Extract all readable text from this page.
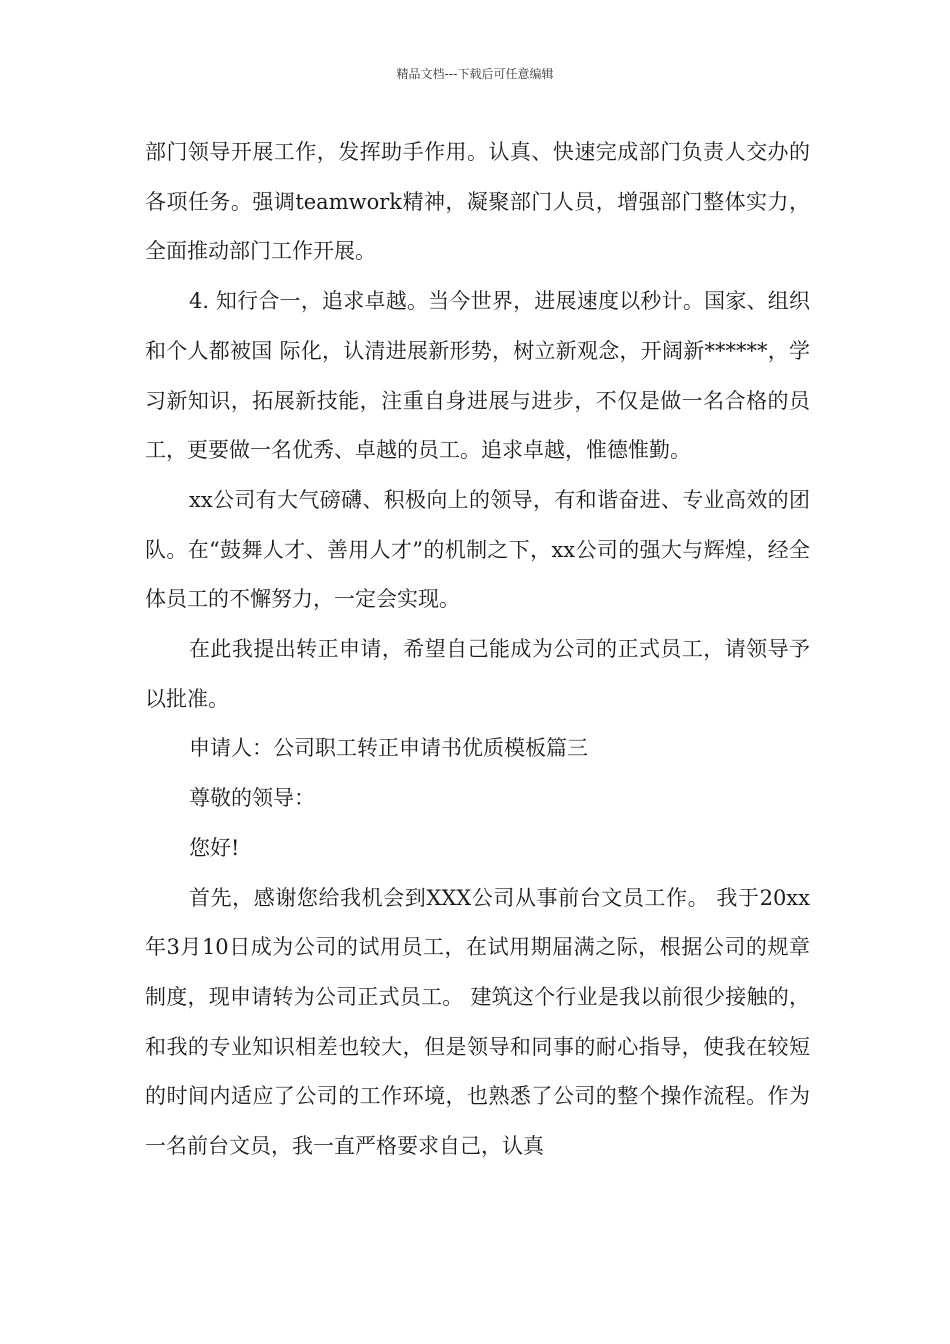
精品文档---下载后可任意编辑

部门领导开展工作，发挥助手作用。认真、快速完成部门负责人交办的各项任务。强调teamwork精神，凝聚部门人员，增强部门整体实力，全面推动部门工作开展。

4. 知行合一，追求卓越。当今世界，进展速度以秒计。国家、组织和个人都被国 际化，认清进展新形势，树立新观念，开阔新******，学习新知识，拓展新技能，注重自身进展与进步，不仅是做一名合格的员工，更要做一名优秀、卓越的员工。追求卓越，惟德惟勤。

xx公司有大气磅礴、积极向上的领导，有和谐奋进、专业高效的团队。在“鼓舞人才、善用人才”的机制之下，xx公司的强大与辉煌，经全体员工的不懈努力，一定会实现。

在此我提出转正申请，希望自己能成为公司的正式员工，请领导予以批准。

申请人：公司职工转正申请书优质模板篇三

尊敬的领导：

您好!

首先，感谢您给我机会到XXX公司从事前台文员工作。 我于20xx年3月10日成为公司的试用员工，在试用期届满之际，根据公司的规章制度，现申请转为公司正式员工。 建筑这个行业是我以前很少接触的，和我的专业知识相差也较大，但是领导和同事的耐心指导，使我在较短的时间内适应了公司的工作环境，也熟悉了公司的整个操作流程。作为一名前台文员，我一直严格要求自己，认真
